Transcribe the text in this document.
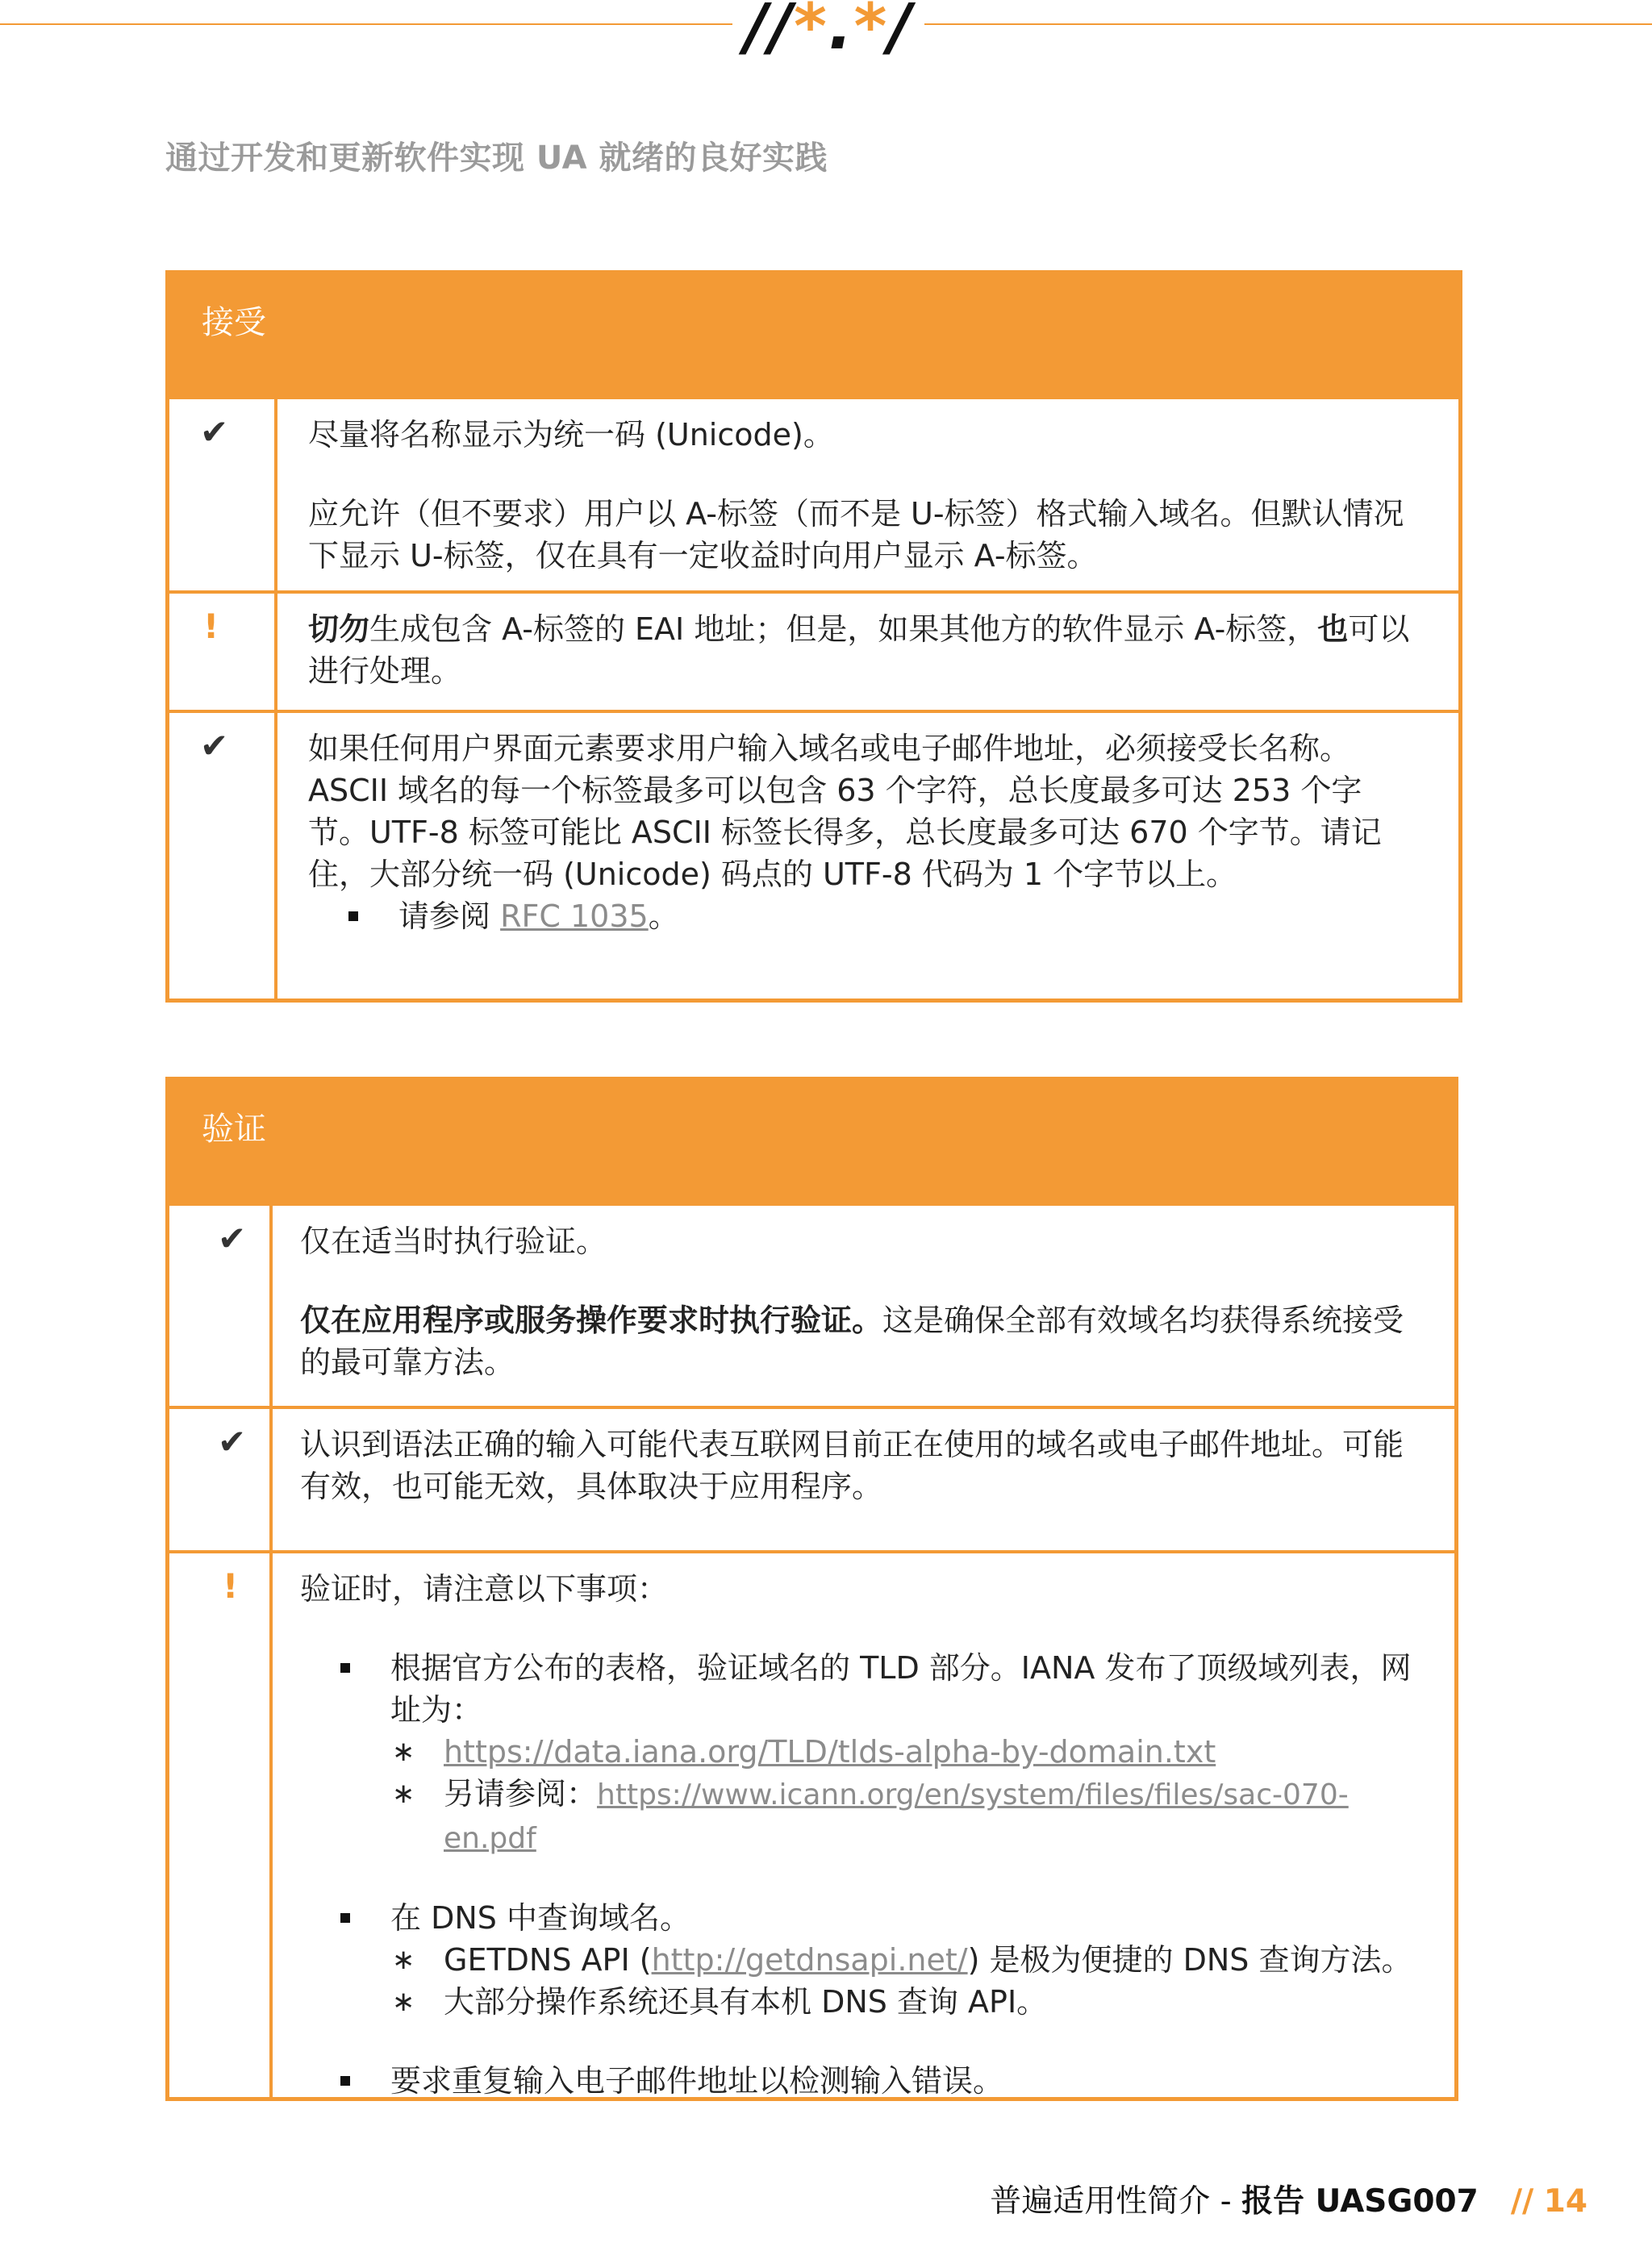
// * . * /
通过开发和更新软件实现 UA 就绪的良好实践
接受
✔	尽量将名称显示为统一码 (Unicode)。

应允许（但不要求）用户以 A-标签（而不是 U-标签）格式输入域名。但默认情况下显示 U-标签，仅在具有一定收益时向用户显示 A-标签。

!	切勿生成包含 A-标签的 EAI 地址；但是，如果其他方的软件显示 A-标签，也可以进行处理。

✔	如果任何用户界面元素要求用户输入域名或电子邮件地址，必须接受长名称。ASCII 域名的每一个标签最多可以包含 63 个字符，总长度最多可达 253 个字节。UTF-8 标签可能比 ASCII 标签长得多，总长度最多可达 670 个字节。请记住，大部分统一码 (Unicode) 码点的 UTF-8 代码为 1 个字节以上。

请参阅 RFC 1035。

验证
✔	仅在适当时执行验证。

仅在应用程序或服务操作要求时执行验证。这是确保全部有效域名均获得系统接受的最可靠方法。

✔	认识到语法正确的输入可能代表互联网目前正在使用的域名或电子邮件地址。可能有效，也可能无效，具体取决于应用程序。

!	验证时，请注意以下事项：

根据官方公布的表格，验证域名的 TLD 部分。IANA 发布了顶级域列表，网址为：

∗ https://data.iana.org/TLD/tlds-alpha-by-domain.txt

∗ 另请参阅：https://www.icann.org/en/system/files/files/sac-070-en.pdf

在 DNS 中查询域名。

∗ GETDNS API (http://getdnsapi.net/) 是极为便捷的 DNS 查询方法。

∗ 大部分操作系统还具有本机 DNS 查询 API。

要求重复输入电子邮件地址以检测输入错误。

普遍适用性简介 - 报告 UASG007 // 14
